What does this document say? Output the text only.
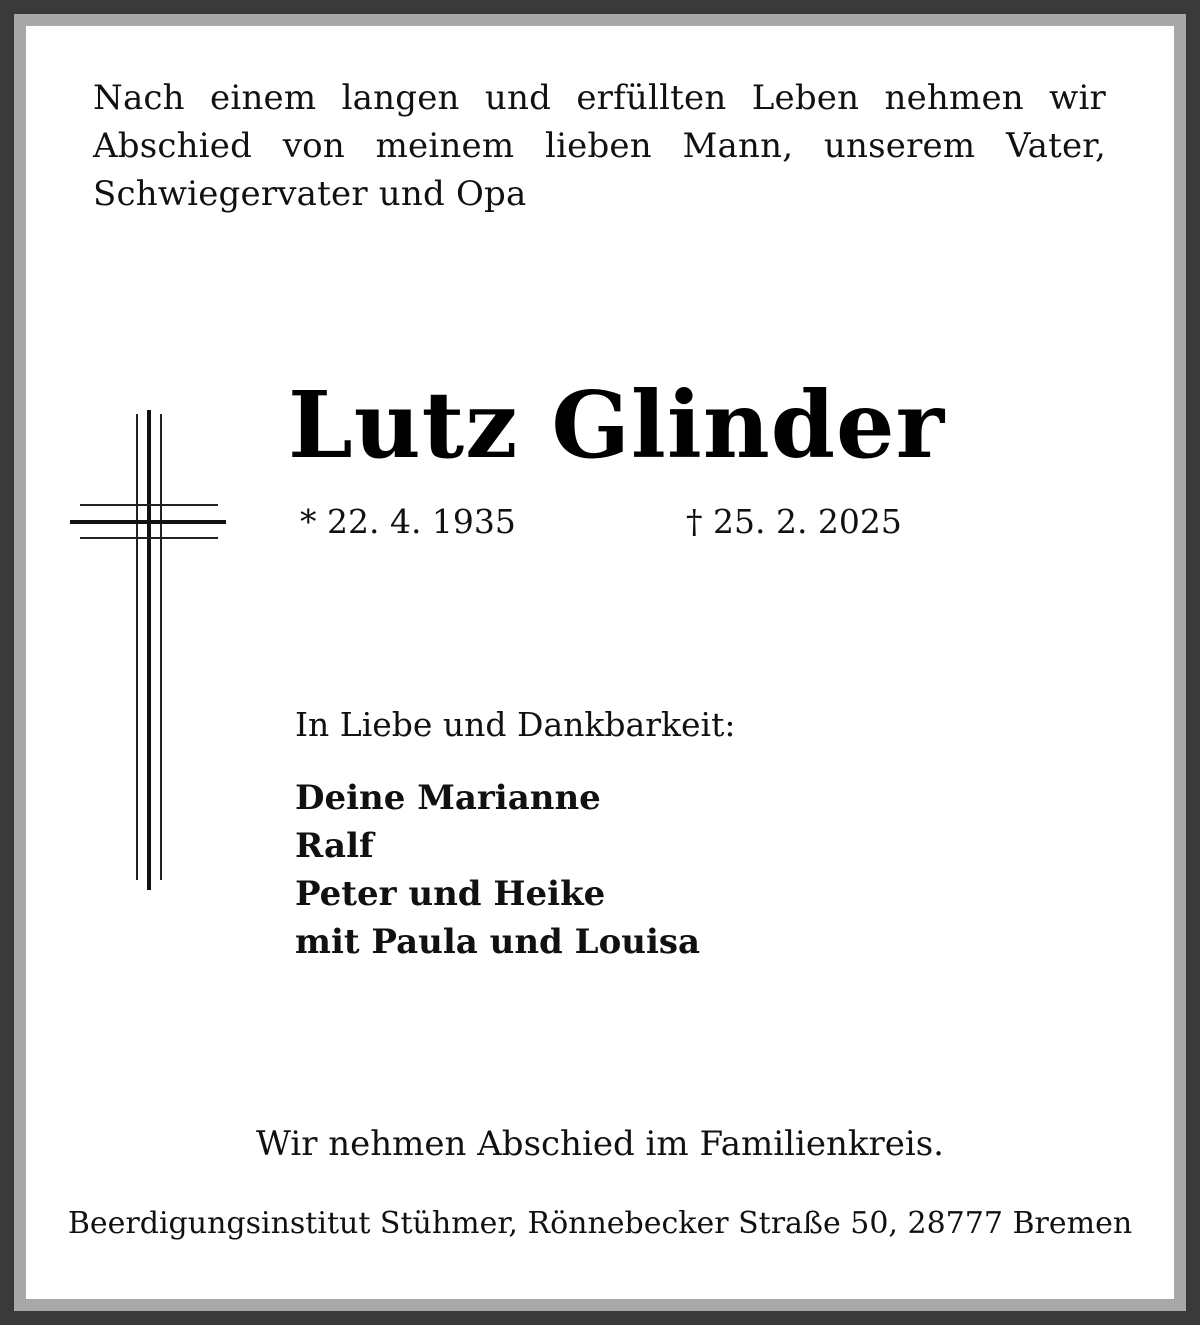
Nach einem langen und erfüllten Leben nehmen wir
Abschied von meinem lieben Mann, unserem Vater,
Schwiegervater und Opa
Lutz Glinder
* 22. 4. 1935	† 25. 2. 2025
In Liebe und Dankbarkeit:
Deine Marianne
Ralf
Peter und Heike
mit Paula und Louisa
Wir nehmen Abschied im Familienkreis.
Beerdigungsinstitut Stühmer, Rönnebecker Straße 50, 28777 Bremen
